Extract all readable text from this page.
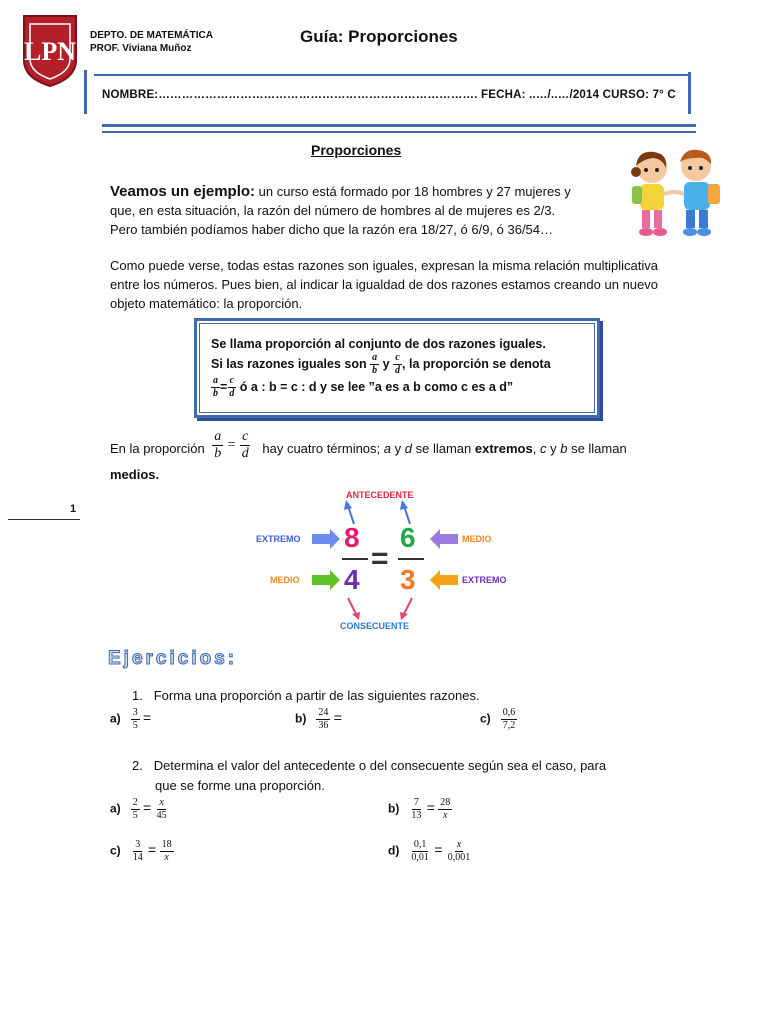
LPN
DEPTO. DE MATEMÁTICA
PROF. Viviana Muñoz
Guía: Proporciones
NOMBRE:………………………………………………………………………. FECHA: ..…/..…/2014 CURSO: 7° C
Proporciones
Veamos un ejemplo: un curso está formado por 18 hombres y 27 mujeres y
que, en esta situación, la razón del número de hombres al de mujeres es 2/3.
Pero también podíamos haber dicho que la razón era 18/27, ó 6/9, ó 36/54…
Como puede verse, todas estas razones son iguales, expresan la misma relación multiplicativa entre los números. Pues bien, al indicar la igualdad de dos razones estamos creando un nuevo objeto matemático: la proporción.
Se llama proporción al conjunto de dos razones iguales.
Si las razones iguales son $\frac{a}{b}$ y $\frac{c}{d}$ , la proporción se denota
$\frac{a}{b} = \frac{c}{d}$ ó a : b = c : d y se lee ”a es a b como c es a d”
En la proporción $\frac{a}{b} = \frac{c}{d}$ hay cuatro términos; a y d se llaman extremos, c y b se llaman
medios.
1
ANTECEDENTE
CONSECUENTE
EXTREMO
MEDIO
MEDIO
EXTREMO
8 6
4 3
=
Ejercicios:
1. Forma una proporción a partir de las siguientes razones.
$a) \frac{3}{5}$ =	$b) \frac{24}{36}$ =	$c) \frac{0,6}{7,2}$
2. Determina el valor del antecedente o del consecuente según sea el caso, para
que se forme una proporción.
$a) \frac{2}{5} = \frac{x}{45}$	$b) \frac{7}{13} = \frac{28}{x}$
$c) \frac{3}{14} = \frac{18}{x}$	$d) \frac{0,1}{0,01} = \frac{x}{0,001}$
